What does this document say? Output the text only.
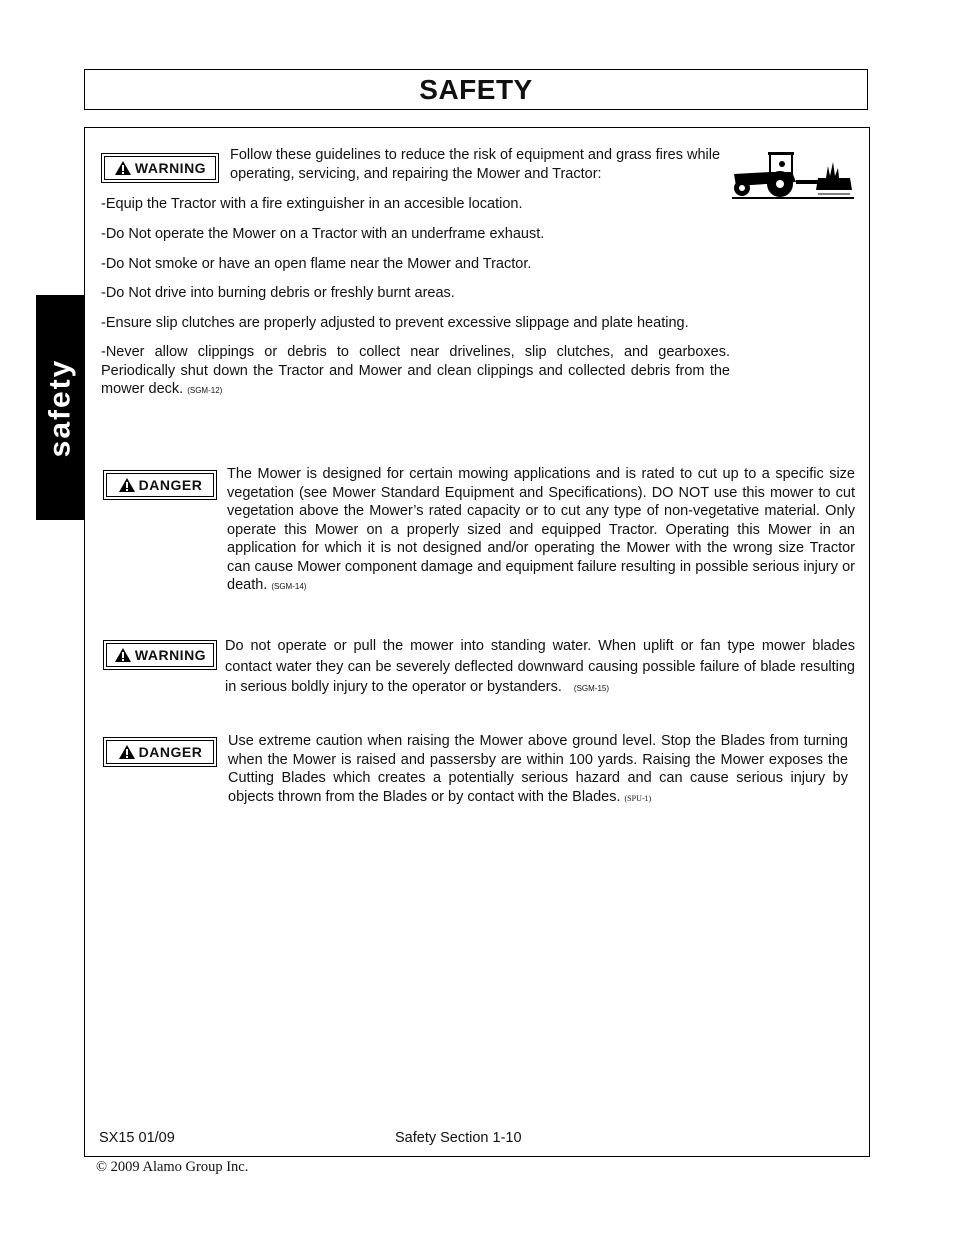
SAFETY
safety
WARNING

Follow these guidelines to reduce the risk of equipment and grass fires while operating, servicing, and repairing the Mower and Tractor:

-Equip the Tractor with a fire extinguisher in an accesible location.

-Do Not operate the Mower on a Tractor with an underframe exhaust.

-Do Not smoke or have an open flame near the Mower and Tractor.

-Do Not drive into burning debris or freshly burnt areas.

-Ensure slip clutches are properly adjusted to prevent excessive slippage and plate heating.

-Never allow clippings or debris to collect near drivelines, slip clutches, and gearboxes. Periodically shut down the Tractor and Mower and clean clippings and collected debris from the mower deck. (SGM-12)

DANGER

The Mower is designed for certain mowing applications and is rated to cut up to a specific size vegetation (see Mower Standard Equipment and Specifications). DO NOT use this mower to cut vegetation above the Mower’s rated capacity or to cut any type of non-vegetative material. Only operate this Mower on a properly sized and equipped Tractor. Operating this Mower in an application for which it is not designed and/or operating the Mower with the wrong size Tractor can cause Mower component damage and equipment failure resulting in possible serious injury or death. (SGM-14)

WARNING

Do not operate or pull the mower into standing water. When uplift or fan type mower blades contact water they can be severely deflected downward causing possible failure of blade resulting in serious boldly injury to the operator or bystanders. (SGM-15)

DANGER

Use extreme caution when raising the Mower above ground level. Stop the Blades from turning when the Mower is raised and passersby are within 100 yards. Raising the Mower exposes the Cutting Blades which creates a potentially serious hazard and can cause serious injury by objects thrown from the Blades or by contact with the Blades. (SPU-1)

SX15 01/09	Safety Section 1-10
© 2009 Alamo Group Inc.
